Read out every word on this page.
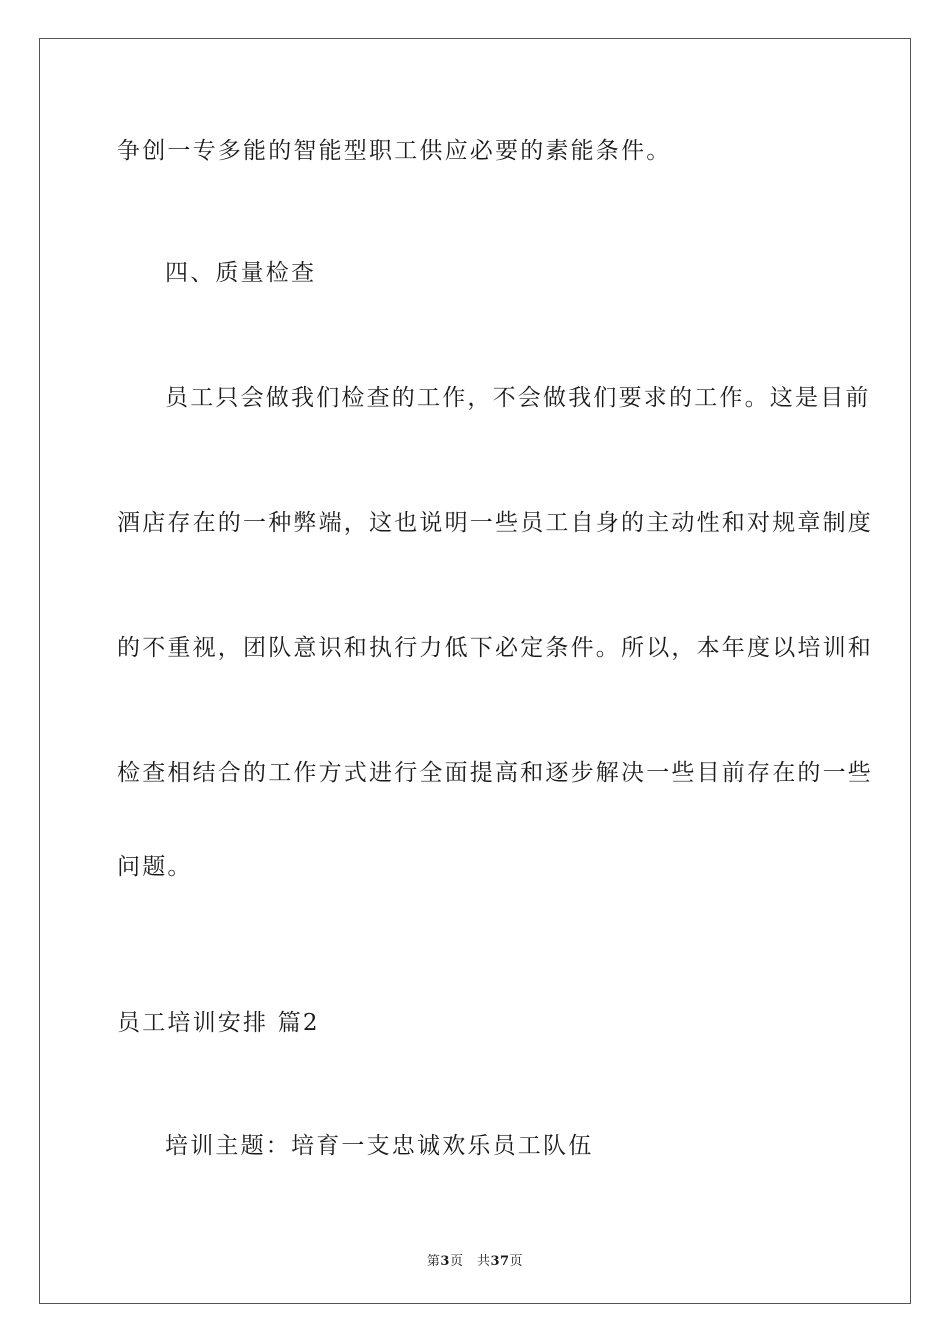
争创一专多能的智能型职工供应必要的素能条件。
四、质量检查
员工只会做我们检查的工作，不会做我们要求的工作。这是目前
酒店存在的一种弊端，这也说明一些员工自身的主动性和对规章制度
的不重视，团队意识和执行力低下必定条件。所以，本年度以培训和
检查相结合的工作方式进行全面提高和逐步解决一些目前存在的一些
问题。
员工培训安排 篇2
培训主题：培育一支忠诚欢乐员工队伍
第3页　共37页
